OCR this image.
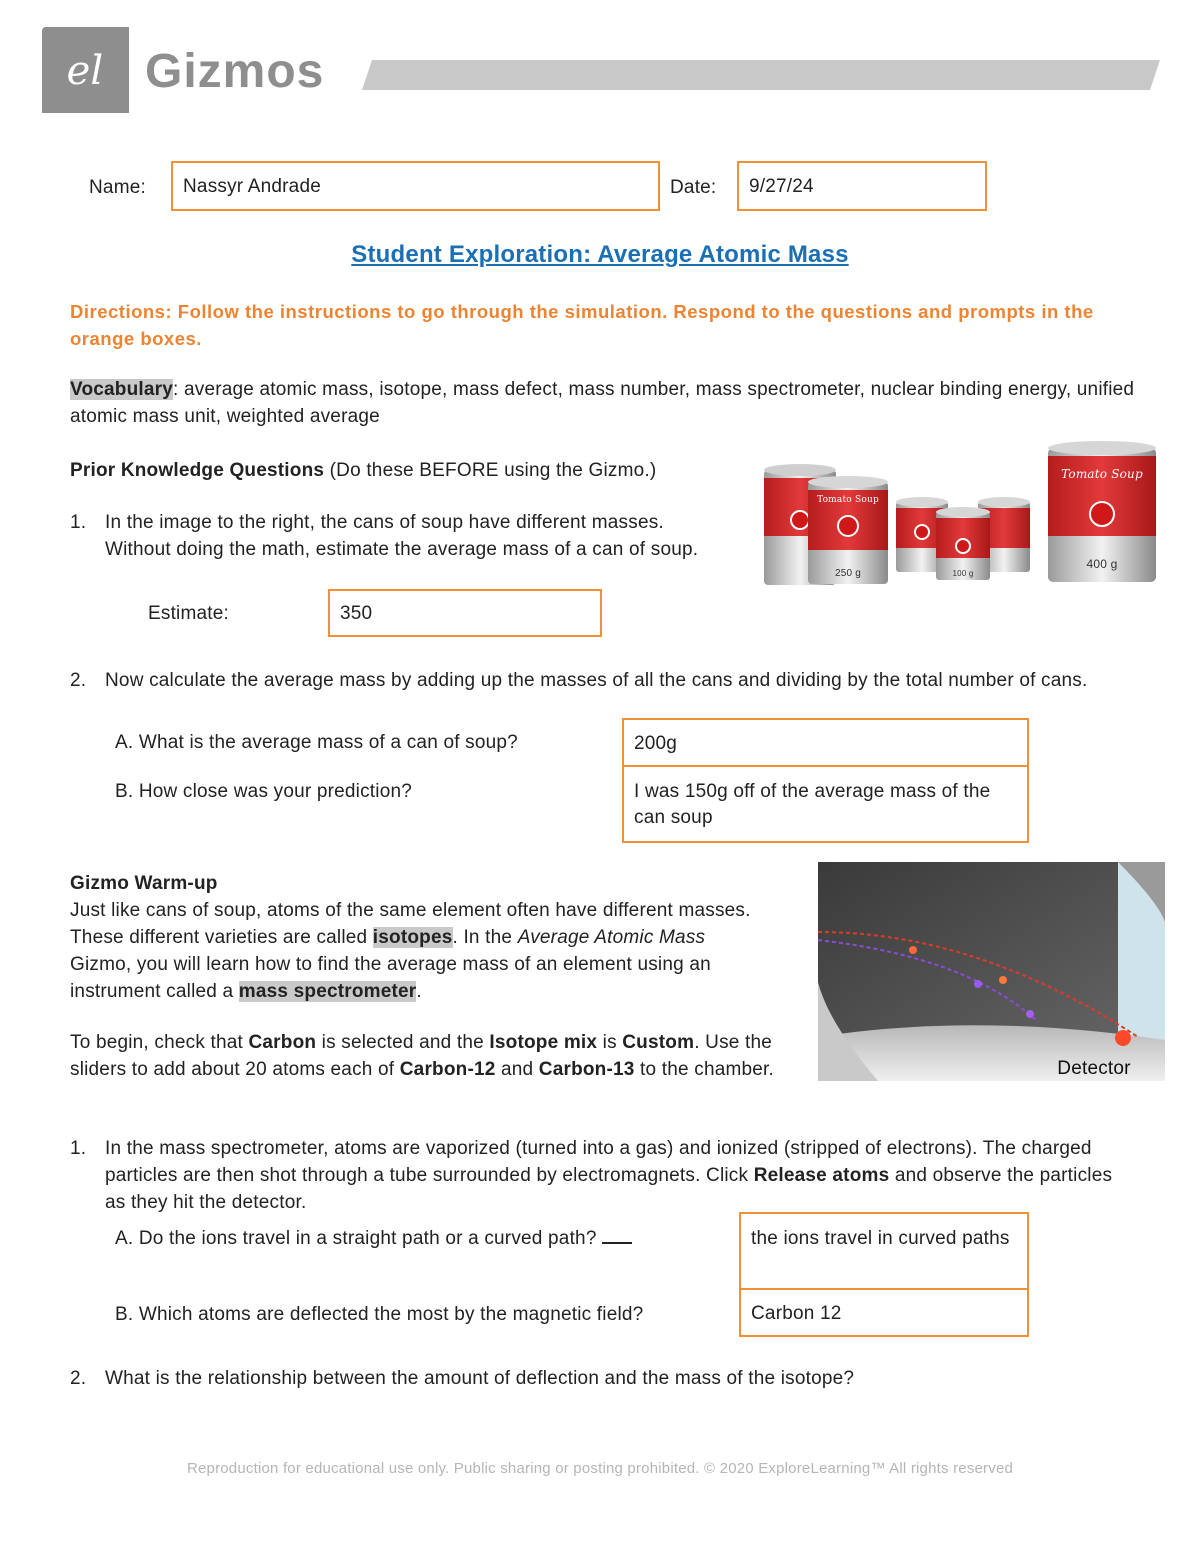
el Gizmos
Name:	Nassyr Andrade	Date:	9/27/24
Student Exploration: Average Atomic Mass
Directions: Follow the instructions to go through the simulation. Respond to the questions and prompts in the orange boxes.
Vocabulary: average atomic mass, isotope, mass defect, mass number, mass spectrometer, nuclear binding energy, unified atomic mass unit, weighted average
Prior Knowledge Questions (Do these BEFORE using the Gizmo.)
1. In the image to the right, the cans of soup have different masses. Without doing the math, estimate the average mass of a can of soup.
Estimate:	350
Tomato Soup
250 g	100 g
Tomato Soup
400 g
2. Now calculate the average mass by adding up the masses of all the cans and dividing by the total number of cans.
A. What is the average mass of a can of soup?	200g
B. How close was your prediction?	I was 150g off of the average mass of the can soup
Gizmo Warm-up
Just like cans of soup, atoms of the same element often have different masses. These different varieties are called isotopes. In the Average Atomic Mass Gizmo, you will learn how to find the average mass of an element using an instrument called a mass spectrometer.
To begin, check that Carbon is selected and the Isotope mix is Custom. Use the sliders to add about 20 atoms each of Carbon-12 and Carbon-13 to the chamber.	Detector
1. In the mass spectrometer, atoms are vaporized (turned into a gas) and ionized (stripped of electrons). The charged particles are then shot through a tube surrounded by electromagnets. Click Release atoms and observe the particles as they hit the detector.
A. Do the ions travel in a straight path or a curved path?	the ions travel in curved paths
B. Which atoms are deflected the most by the magnetic field?	Carbon 12
2. What is the relationship between the amount of deflection and the mass of the isotope?
Reproduction for educational use only. Public sharing or posting prohibited. © 2020 ExploreLearning™ All rights reserved
